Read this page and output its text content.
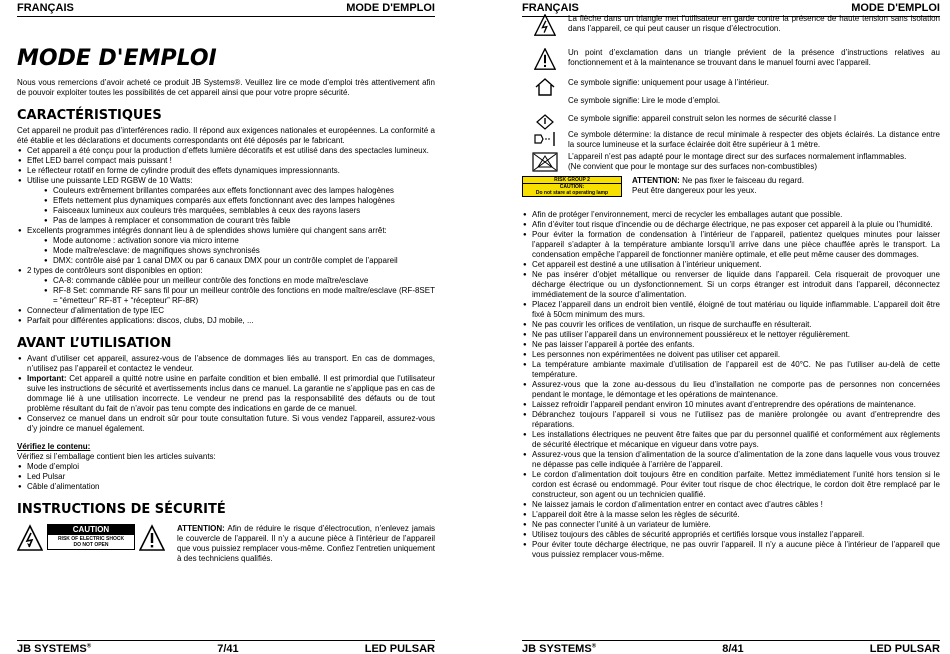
FRANÇAIS	MODE D'EMPLOI
MODE D'EMPLOI

Nous vous remercions d’avoir acheté ce produit JB Systems®. Veuillez lire ce mode d’emploi très attentivement afin de pouvoir exploiter toutes les possibilités de cet appareil ainsi que pour votre propre sécurité.

CARACTÉRISTIQUES

Cet appareil ne produit pas d’interférences radio. Il répond aux exigences nationales et européennes. La conformité a été établie et les déclarations et documents correspondants ont été déposés par le fabricant.

● Cet appareil a été conçu pour la production d’effets lumière décoratifs et est utilisé dans des spectacles lumineux.
● Effet LED barrel compact mais puissant !
● Le réflecteur rotatif en forme de cylindre produit des effets dynamiques impressionnants.
● Utilise une puissante LED RGBW de 10 Watts:
● Couleurs extrêmement brillantes comparées aux effets fonctionnant avec des lampes halogènes
● Effets nettement plus dynamiques comparés aux effets fonctionnant avec des lampes halogènes
● Faisceaux lumineux aux couleurs très marquées, semblables à ceux des rayons lasers
● Pas de lampes à remplacer et consommation de courant très faible
● Excellents programmes intégrés donnant lieu à de splendides shows lumière qui changent sans arrêt:
● Mode autonome : activation sonore via micro interne
● Mode maître/esclave: de magnifiques shows synchronisés
● DMX: contrôle aisé par 1 canal DMX ou par 6 canaux DMX pour un contrôle complet de l’appareil
● 2 types de contrôleurs sont disponibles en option:
● CA-8: commande câblée pour un meilleur contrôle des fonctions en mode maître/esclave
● RF-8 Set: commande RF sans fil pour un meilleur contrôle des fonctions en mode maître/esclave (RF-8SET = “émetteur” RF-8T + “récepteur” RF-8R)
● Connecteur d’alimentation de type IEC
● Parfait pour différentes applications: discos, clubs, DJ mobile, ...
AVANT L’UTILISATION
● Avant d’utiliser cet appareil, assurez-vous de l’absence de dommages liés au transport. En cas de dommages, n’utilisez pas l’appareil et contactez le vendeur.
● Important: Cet appareil a quitté notre usine en parfaite condition et bien emballé. Il est primordial que l’utilisateur suive les instructions de sécurité et avertissements inclus dans ce manuel. La garantie ne s’applique pas en cas de dommage lié à une utilisation incorrecte. Le vendeur ne prend pas la responsabilité des défauts ou de tout problème résultant du fait de n’avoir pas tenu compte des indications en garde de ce manuel.
● Conservez ce manuel dans un endroit sûr pour toute consultation future. Si vous vendez l’appareil, assurez-vous d’y joindre ce manuel également.

Vérifiez le contenu:

Vérifiez si l’emballage contient bien les articles suivants:

● Mode d’emploi
● Led Pulsar
● Câble d’alimentation
INSTRUCTIONS DE SÉCURITÉ
CAUTION
RISK OF ELECTRIC SHOCK
DO NOT OPEN

ATTENTION: Afin de réduire le risque d’électrocution, n’enlevez jamais le couvercle de l’appareil. Il n’y a aucune pièce à l’intérieur de l’appareil que vous puissiez remplacer vous-même. Confiez l’entretien uniquement à des techniciens qualifiés.

JB SYSTEMS®	7/41	LED PULSAR
FRANÇAIS	MODE D'EMPLOI

La flèche dans un triangle met l’utilisateur en garde contre la présence de haute tension sans isolation dans l’appareil, ce qui peut causer un risque d’électrocution.

Un point d’exclamation dans un triangle prévient de la présence d’instructions relatives au fonctionnement et à la maintenance se trouvant dans le manuel fourni avec l’appareil.

Ce symbole signifie: uniquement pour usage à l’intérieur.

Ce symbole signifie: Lire le mode d’emploi.

Ce symbole signifie: appareil construit selon les normes de sécurité classe I

Ce symbole détermine: la distance de recul minimale à respecter des objets éclairés. La distance entre la source lumineuse et la surface éclairée doit être supérieur à 1 mètre.

L’appareil n’est pas adapté pour le montage direct sur des surfaces normalement inflammables.
(Ne convient que pour le montage sur des surfaces non-combustibles)

RISK GROUP 2
CAUTION:
Do not stare at operating lamp

ATTENTION: Ne pas fixer le faisceau du regard.
Peut être dangereux pour les yeux.

● Afin de protéger l’environnement, merci de recycler les emballages autant que possible.
● Afin d’éviter tout risque d’incendie ou de décharge électrique, ne pas exposer cet appareil à la pluie ou l’humidité.
● Pour éviter la formation de condensation à l’intérieur de l’appareil, patientez quelques minutes pour laisser l’appareil s’adapter à la température ambiante lorsqu’il arrive dans une pièce chauffée après le transport. La condensation empêche l’appareil de fonctionner manière optimale, et elle peut même causer des dommages.
● Cet appareil est destiné a une utilisation à l’intérieur uniquement.
● Ne pas insérer d’objet métallique ou renverser de liquide dans l’appareil. Cela risquerait de provoquer une décharge électrique ou un dysfonctionnement. Si un corps étranger est introduit dans l’appareil, déconnectez immédiatement de la source d’alimentation.
● Placez l’appareil dans un endroit bien ventilé, éloigné de tout matériau ou liquide inflammable. L’appareil doit être fixé à 50cm minimum des murs.
● Ne pas couvrir les orifices de ventilation, un risque de surchauffe en résulterait.
● Ne pas utiliser l’appareil dans un environnement poussiéreux et le nettoyer régulièrement.
● Ne pas laisser l’appareil à portée des enfants.
● Les personnes non expérimentées ne doivent pas utiliser cet appareil.
● La température ambiante maximale d’utilisation de l’appareil est de 40°C. Ne pas l’utiliser au-delà de cette température.
● Assurez-vous que la zone au-dessous du lieu d’installation ne comporte pas de personnes non concernées pendant le montage, le démontage et les opérations de maintenance.
● Laissez refroidir l’appareil pendant environ 10 minutes avant d’entreprendre des opérations de maintenance.
● Débranchez toujours l’appareil si vous ne l’utilisez pas de manière prolongée ou avant d’entreprendre des réparations.
● Les installations électriques ne peuvent être faites que par du personnel qualifié et conformément aux règlements de sécurité électrique et mécanique en vigueur dans votre pays.
● Assurez-vous que la tension d’alimentation de la source d’alimentation de la zone dans laquelle vous vous trouvez ne dépasse pas celle indiquée à l’arrière de l’appareil.
● Le cordon d’alimentation doit toujours être en condition parfaite. Mettez immédiatement l’unité hors tension si le cordon est écrasé ou endommagé. Pour éviter tout risque de choc électrique, le cordon doit être remplacé par le constructeur, son agent ou un technicien qualifié.
● Ne laissez jamais le cordon d’alimentation entrer en contact avec d’autres câbles !
● L’appareil doit être à la masse selon les règles de sécurité.
● Ne pas connecter l’unité à un variateur de lumière.
● Utilisez toujours des câbles de sécurité appropriés et certifiés lorsque vous installez l’appareil.
● Pour éviter toute décharge électrique, ne pas ouvrir l’appareil. Il n’y a aucune pièce à l’intérieur de l’appareil que vous puissiez remplacer vous-même.
JB SYSTEMS®	8/41	LED PULSAR
